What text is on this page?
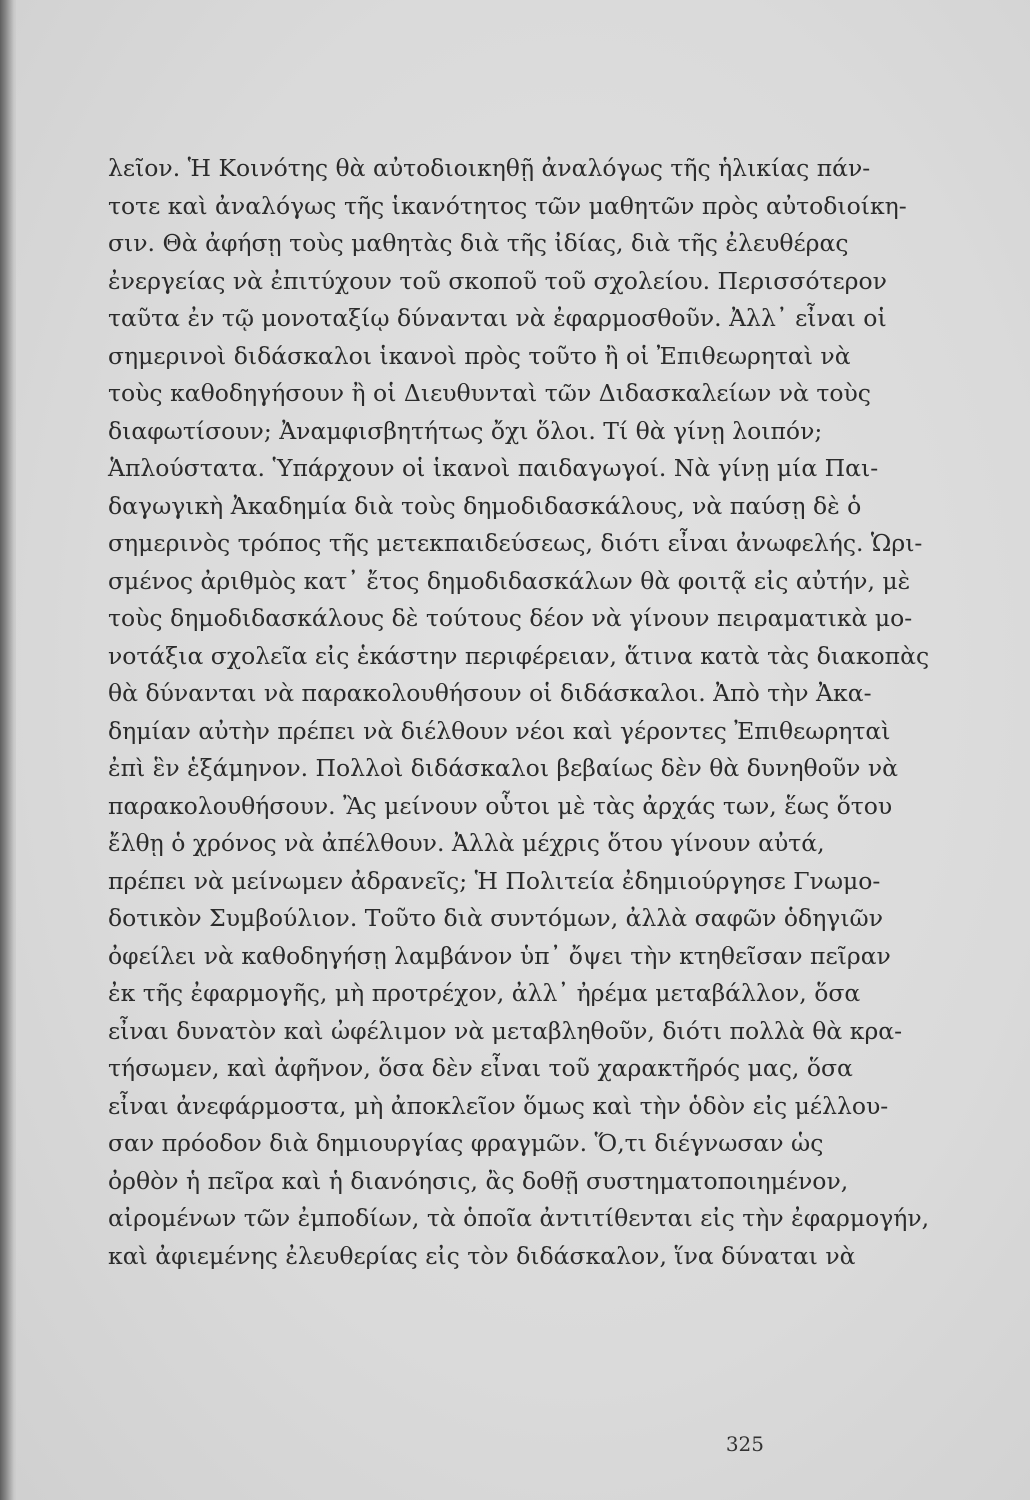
λεῖον. Ἡ Κοινότης θὰ αὐτοδιοικηθῇ ἀναλόγως τῆς ἡλικίας πάν-
τοτε καὶ ἀναλόγως τῆς ἱκανότητος τῶν μαθητῶν πρὸς αὐτοδιοίκη-
σιν. Θὰ ἀφήσῃ τοὺς μαθητὰς διὰ τῆς ἰδίας, διὰ τῆς ἐλευθέρας
ἐνεργείας νὰ ἐπιτύχουν τοῦ σκοποῦ τοῦ σχολείου. Περισσότερον
ταῦτα ἐν τῷ μονοταξίῳ δύνανται νὰ ἐφαρμοσθοῦν. Ἀλλ᾿ εἶναι οἱ
σημερινοὶ διδάσκαλοι ἱκανοὶ πρὸς τοῦτο ἢ οἱ Ἐπιθεωρηταὶ νὰ
τοὺς καθοδηγήσουν ἢ οἱ Διευθυνταὶ τῶν Διδασκαλείων νὰ τοὺς
διαφωτίσουν; Ἀναμφισβητήτως ὄχι ὅλοι. Τί θὰ γίνῃ λοιπόν;
Ἁπλούστατα. Ὑπάρχουν οἱ ἱκανοὶ παιδαγωγοί. Νὰ γίνῃ μία Παι-
δαγωγικὴ Ἀκαδημία διὰ τοὺς δημοδιδασκάλους, νὰ παύσῃ δὲ ὁ
σημερινὸς τρόπος τῆς μετεκπαιδεύσεως, διότι εἶναι ἀνωφελής. Ὡρι-
σμένος ἀριθμὸς κατ᾿ ἔτος δημοδιδασκάλων θὰ φοιτᾷ εἰς αὐτήν, μὲ
τοὺς δημοδιδασκάλους δὲ τούτους δέον νὰ γίνουν πειραματικὰ μο-
νοτάξια σχολεῖα εἰς ἑκάστην περιφέρειαν, ἅτινα κατὰ τὰς διακοπὰς
θὰ δύνανται νὰ παρακολουθήσουν οἱ διδάσκαλοι. Ἀπὸ τὴν Ἀκα-
δημίαν αὐτὴν πρέπει νὰ διέλθουν νέοι καὶ γέροντες Ἐπιθεωρηταὶ
ἐπὶ ἓν ἑξάμηνον. Πολλοὶ διδάσκαλοι βεβαίως δὲν θὰ δυνηθοῦν νὰ
παρακολουθήσουν. Ἂς μείνουν οὗτοι μὲ τὰς ἀρχάς των, ἕως ὅτου
ἔλθῃ ὁ χρόνος νὰ ἀπέλθουν. Ἀλλὰ μέχρις ὅτου γίνουν αὐτά,
πρέπει νὰ μείνωμεν ἀδρανεῖς; Ἡ Πολιτεία ἐδημιούργησε Γνωμο-
δοτικὸν Συμβούλιον. Τοῦτο διὰ συντόμων, ἀλλὰ σαφῶν ὁδηγιῶν
ὀφείλει νὰ καθοδηγήσῃ λαμβάνον ὑπ᾿ ὄψει τὴν κτηθεῖσαν πεῖραν
ἐκ τῆς ἐφαρμογῆς, μὴ προτρέχον, ἀλλ᾿ ἠρέμα μεταβάλλον, ὅσα
εἶναι δυνατὸν καὶ ὠφέλιμον νὰ μεταβληθοῦν, διότι πολλὰ θὰ κρα-
τήσωμεν, καὶ ἀφῆνον, ὅσα δὲν εἶναι τοῦ χαρακτῆρός μας, ὅσα
εἶναι ἀνεφάρμοστα, μὴ ἀποκλεῖον ὅμως καὶ τὴν ὁδὸν εἰς μέλλου-
σαν πρόοδον διὰ δημιουργίας φραγμῶν. Ὅ,τι διέγνωσαν ὡς
ὀρθὸν ἡ πεῖρα καὶ ἡ διανόησις, ἂς δοθῇ συστηματοποιημένον,
αἰρομένων τῶν ἐμποδίων, τὰ ὁποῖα ἀντιτίθενται εἰς τὴν ἐφαρμογήν,
καὶ ἀφιεμένης ἐλευθερίας εἰς τὸν διδάσκαλον, ἵνα δύναται νὰ
325
